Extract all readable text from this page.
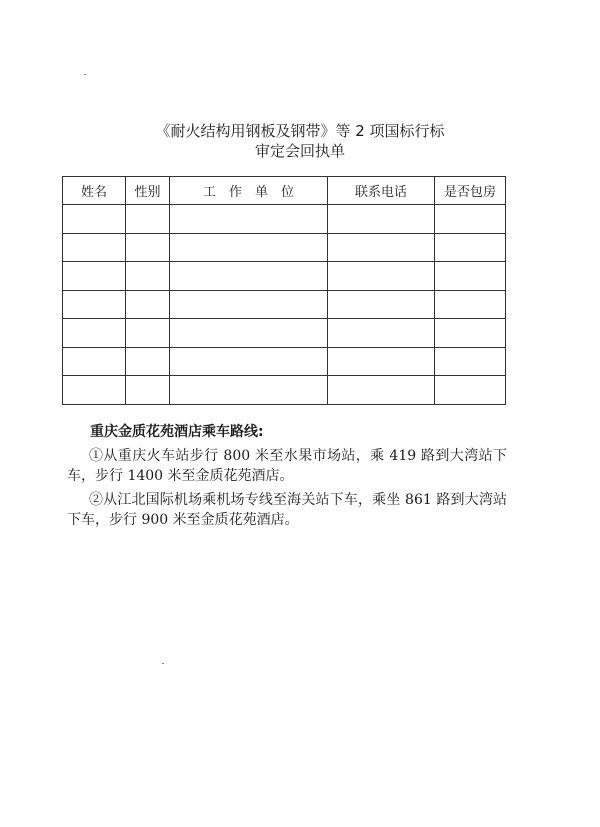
《耐火结构用钢板及钢带》等 2 项国标行标
审定会回执单
姓名	性别	工　作　单　位	联系电话	是否包房

重庆金质花苑酒店乘车路线:

①从重庆火车站步行 800 米至水果市场站，乘 419 路到大湾站下车，步行 1400 米至金质花苑酒店。

②从江北国际机场乘机场专线至海关站下车，乘坐 861 路到大湾站下车，步行 900 米至金质花苑酒店。
